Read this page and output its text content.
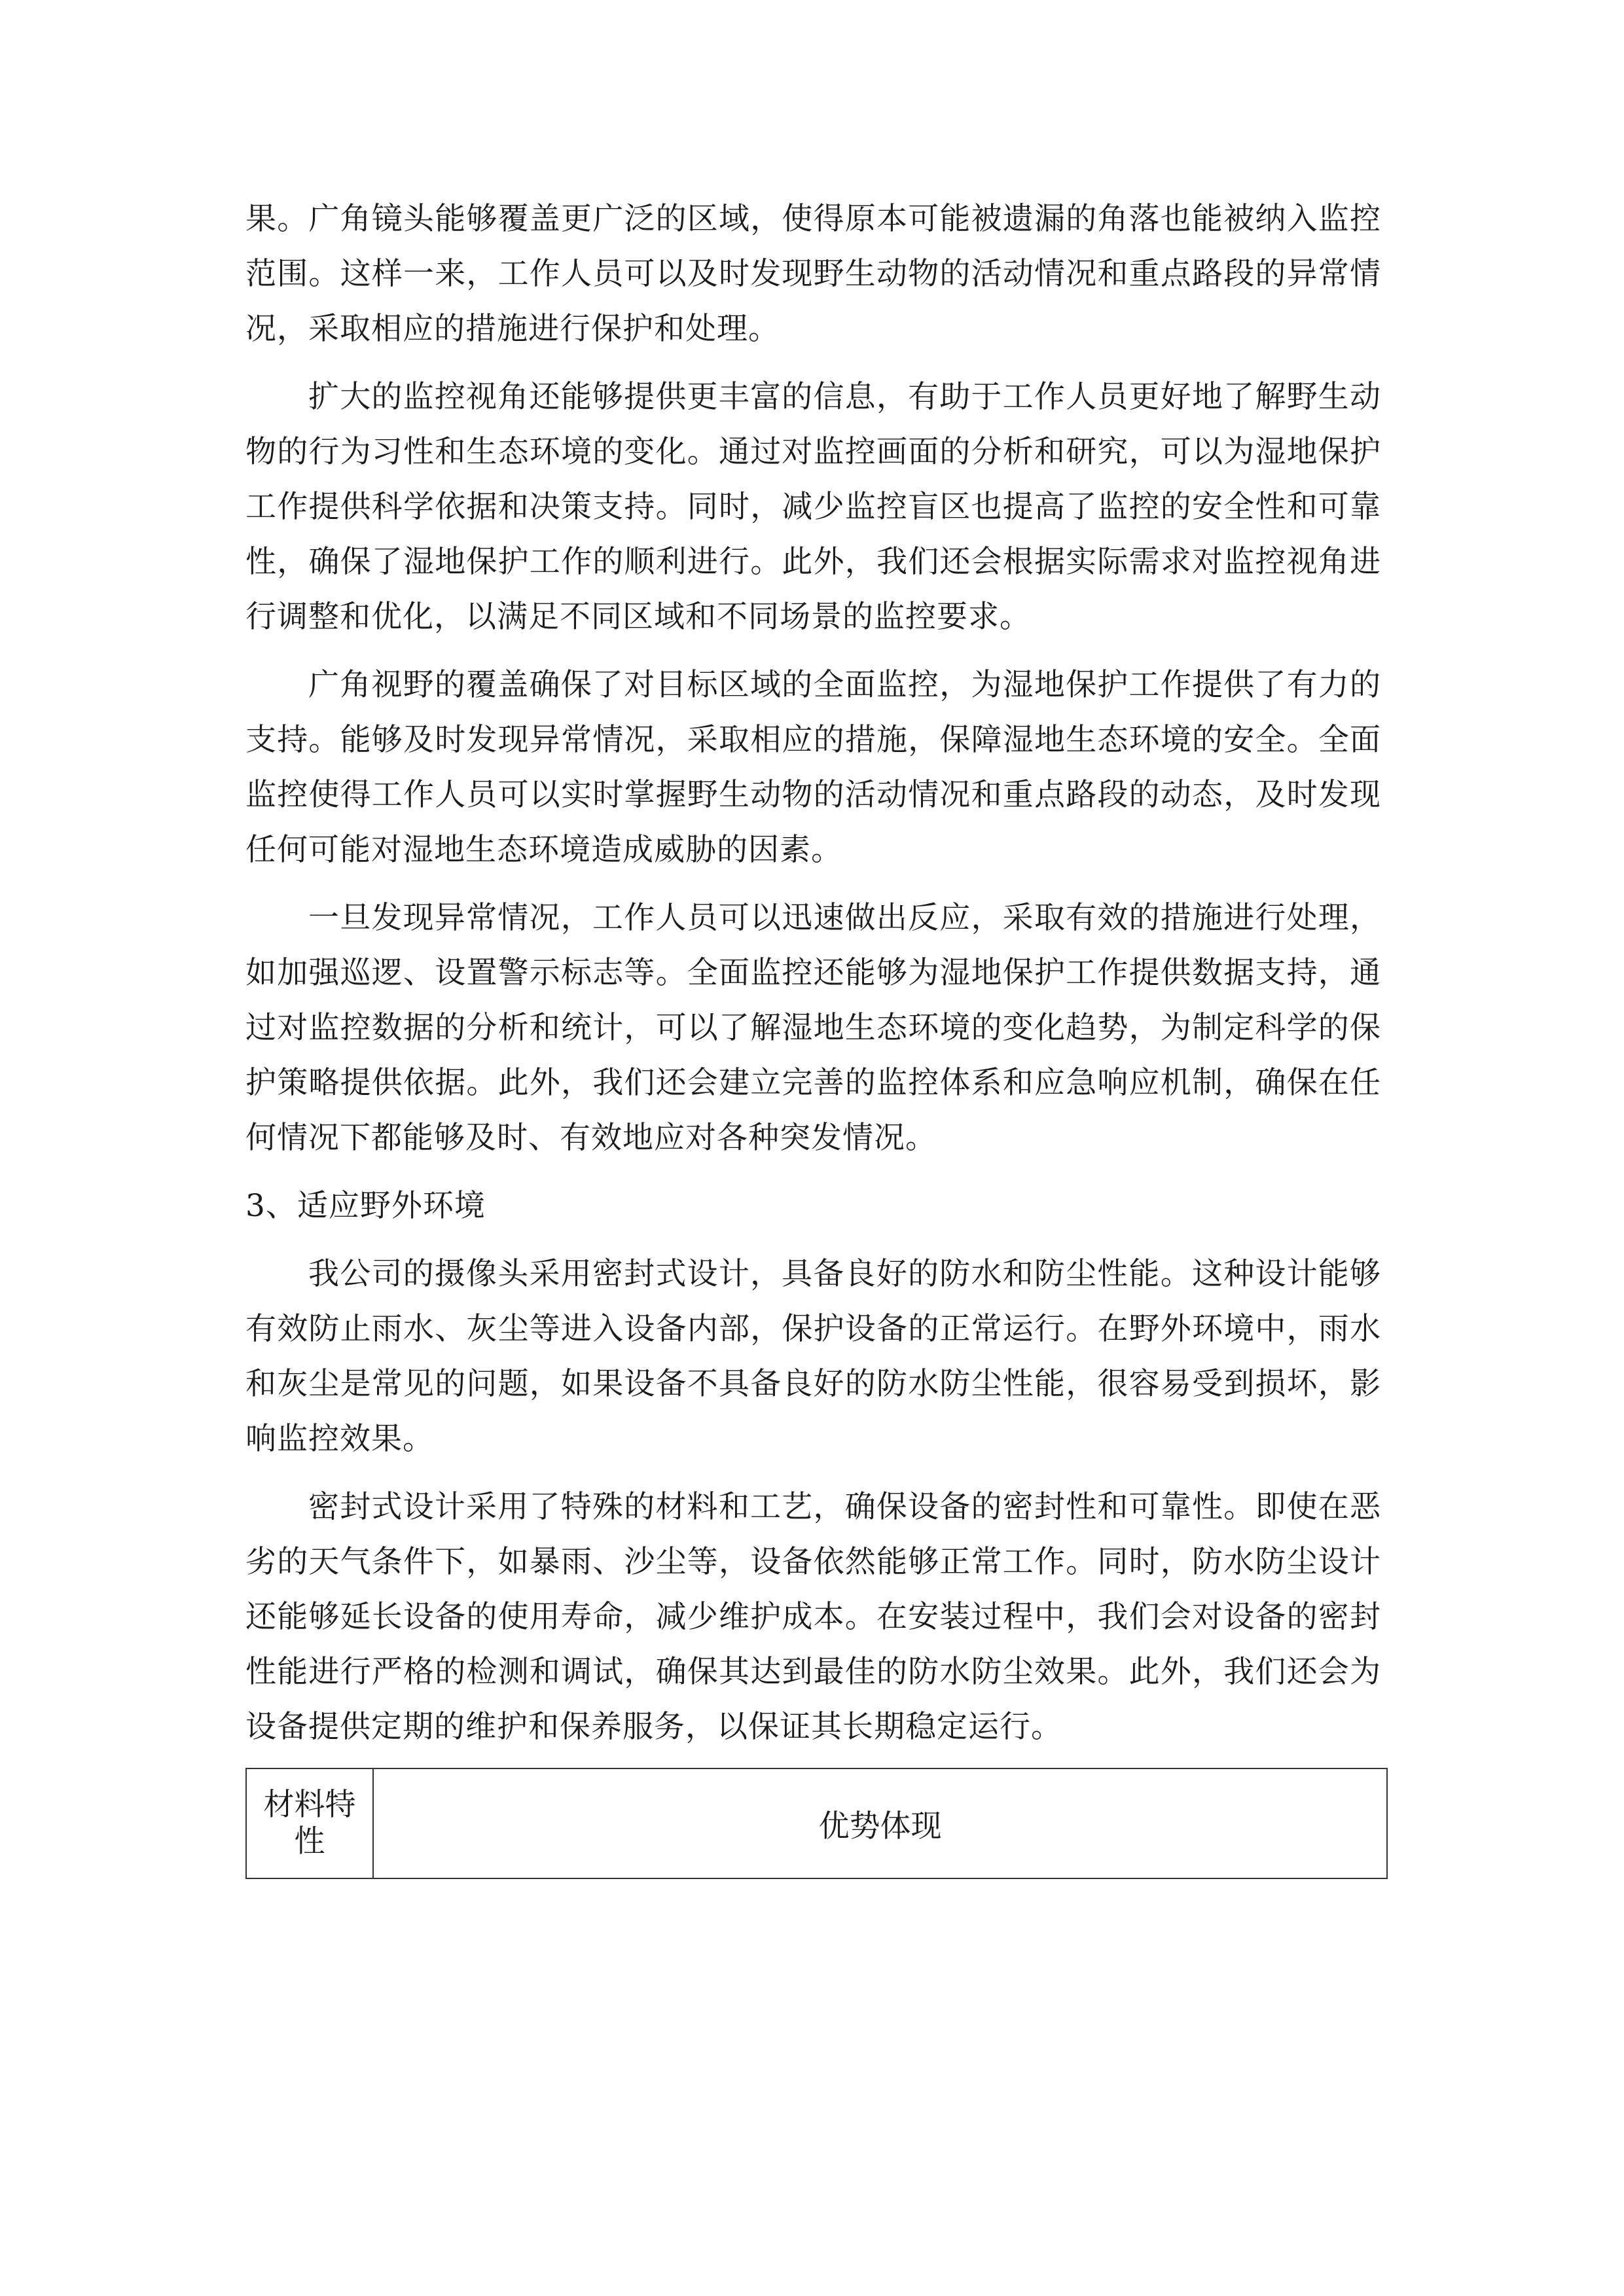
果。广角镜头能够覆盖更广泛的区域，使得原本可能被遗漏的角落也能被纳入监控范围。这样一来，工作人员可以及时发现野生动物的活动情况和重点路段的异常情况，采取相应的措施进行保护和处理。

扩大的监控视角还能够提供更丰富的信息，有助于工作人员更好地了解野生动物的行为习性和生态环境的变化。通过对监控画面的分析和研究，可以为湿地保护工作提供科学依据和决策支持。同时，减少监控盲区也提高了监控的安全性和可靠性，确保了湿地保护工作的顺利进行。此外，我们还会根据实际需求对监控视角进行调整和优化，以满足不同区域和不同场景的监控要求。

广角视野的覆盖确保了对目标区域的全面监控，为湿地保护工作提供了有力的支持。能够及时发现异常情况，采取相应的措施，保障湿地生态环境的安全。全面监控使得工作人员可以实时掌握野生动物的活动情况和重点路段的动态，及时发现任何可能对湿地生态环境造成威胁的因素。

一旦发现异常情况，工作人员可以迅速做出反应，采取有效的措施进行处理，如加强巡逻、设置警示标志等。全面监控还能够为湿地保护工作提供数据支持，通过对监控数据的分析和统计，可以了解湿地生态环境的变化趋势，为制定科学的保护策略提供依据。此外，我们还会建立完善的监控体系和应急响应机制，确保在任何情况下都能够及时、有效地应对各种突发情况。

3、适应野外环境

我公司的摄像头采用密封式设计，具备良好的防水和防尘性能。这种设计能够有效防止雨水、灰尘等进入设备内部，保护设备的正常运行。在野外环境中，雨水和灰尘是常见的问题，如果设备不具备良好的防水防尘性能，很容易受到损坏，影响监控效果。

密封式设计采用了特殊的材料和工艺，确保设备的密封性和可靠性。即使在恶劣的天气条件下，如暴雨、沙尘等，设备依然能够正常工作。同时，防水防尘设计还能够延长设备的使用寿命，减少维护成本。在安装过程中，我们会对设备的密封性能进行严格的检测和调试，确保其达到最佳的防水防尘效果。此外，我们还会为设备提供定期的维护和保养服务，以保证其长期稳定运行。

材料特性	优势体现
